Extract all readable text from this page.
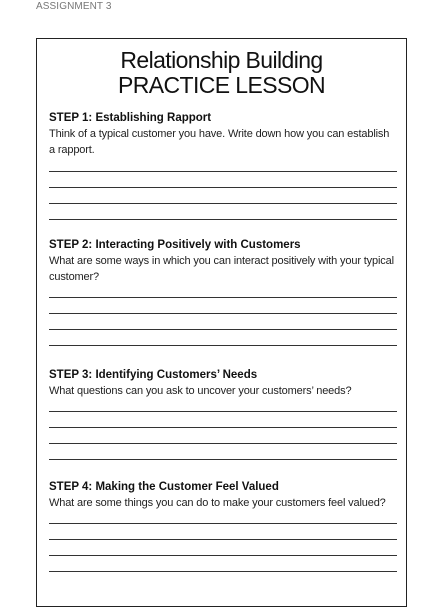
ASSIGNMENT 3
Relationship Building
PRACTICE LESSON
STEP 1: Establishing Rapport
Think of a typical customer you have. Write down how you can establish a rapport.
STEP 2: Interacting Positively with Customers
What are some ways in which you can interact positively with your typical customer?
STEP 3: Identifying Customers’ Needs
What questions can you ask to uncover your customers’ needs?
STEP 4: Making the Customer Feel Valued
What are some things you can do to make your customers feel valued?
